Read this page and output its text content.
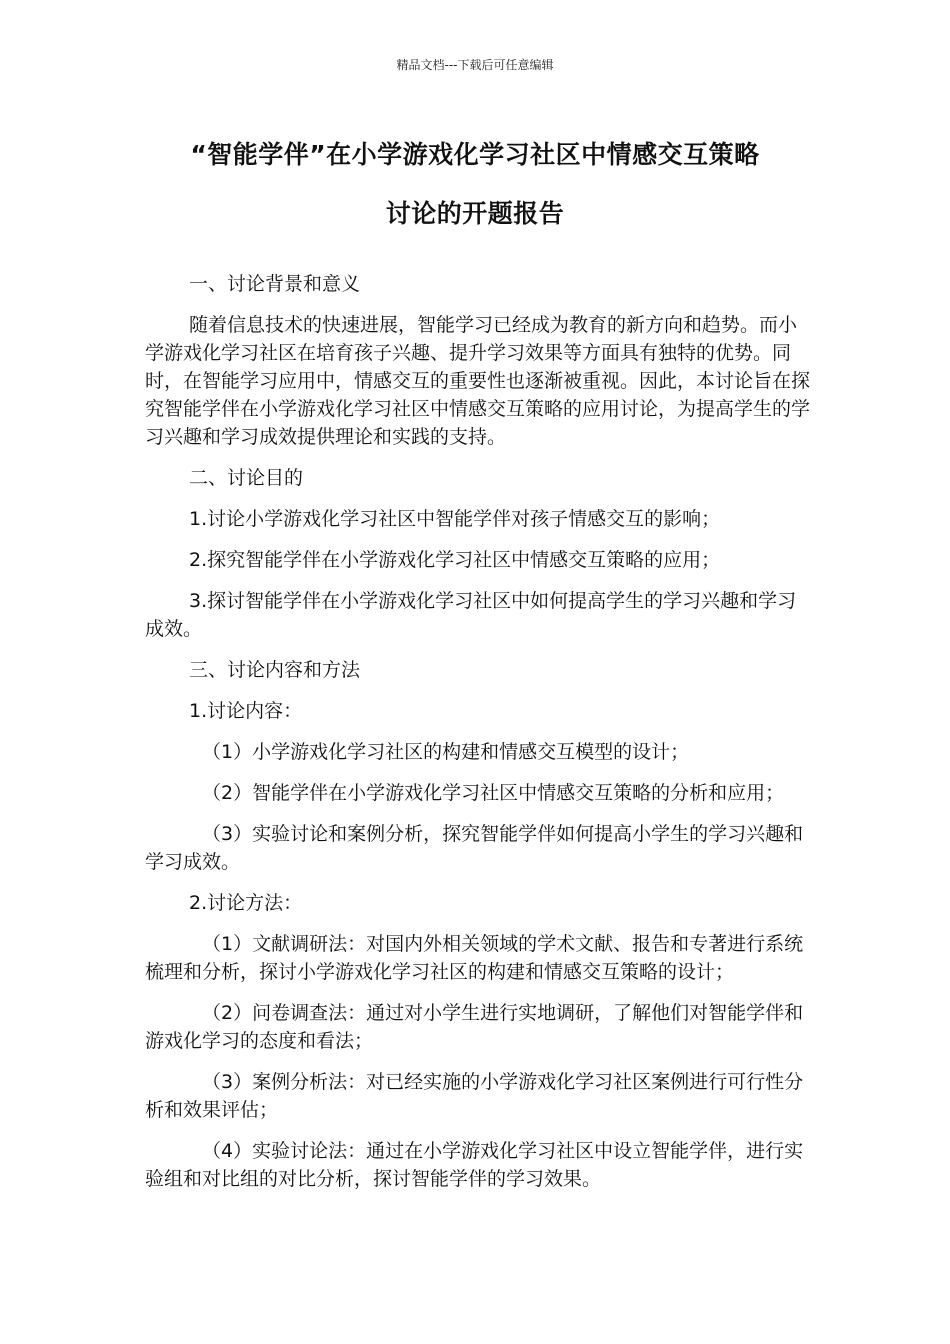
精品文档---下载后可任意编辑
“智能学伴”在小学游戏化学习社区中情感交互策略
讨论的开题报告

一、讨论背景和意义

随着信息技术的快速进展，智能学习已经成为教育的新方向和趋势。而小学游戏化学习社区在培育孩子兴趣、提升学习效果等方面具有独特的优势。同时，在智能学习应用中，情感交互的重要性也逐渐被重视。因此，本讨论旨在探究智能学伴在小学游戏化学习社区中情感交互策略的应用讨论，为提高学生的学习兴趣和学习成效提供理论和实践的支持。

二、讨论目的

1.讨论小学游戏化学习社区中智能学伴对孩子情感交互的影响；

2.探究智能学伴在小学游戏化学习社区中情感交互策略的应用；

3.探讨智能学伴在小学游戏化学习社区中如何提高学生的学习兴趣和学习成效。

三、讨论内容和方法

1.讨论内容：

（1）小学游戏化学习社区的构建和情感交互模型的设计；

（2）智能学伴在小学游戏化学习社区中情感交互策略的分析和应用；

（3）实验讨论和案例分析，探究智能学伴如何提高小学生的学习兴趣和学习成效。

2.讨论方法：

（1）文献调研法：对国内外相关领域的学术文献、报告和专著进行系统梳理和分析，探讨小学游戏化学习社区的构建和情感交互策略的设计；

（2）问卷调查法：通过对小学生进行实地调研，了解他们对智能学伴和游戏化学习的态度和看法；

（3）案例分析法：对已经实施的小学游戏化学习社区案例进行可行性分析和效果评估；

（4）实验讨论法：通过在小学游戏化学习社区中设立智能学伴，进行实验组和对比组的对比分析，探讨智能学伴的学习效果。
